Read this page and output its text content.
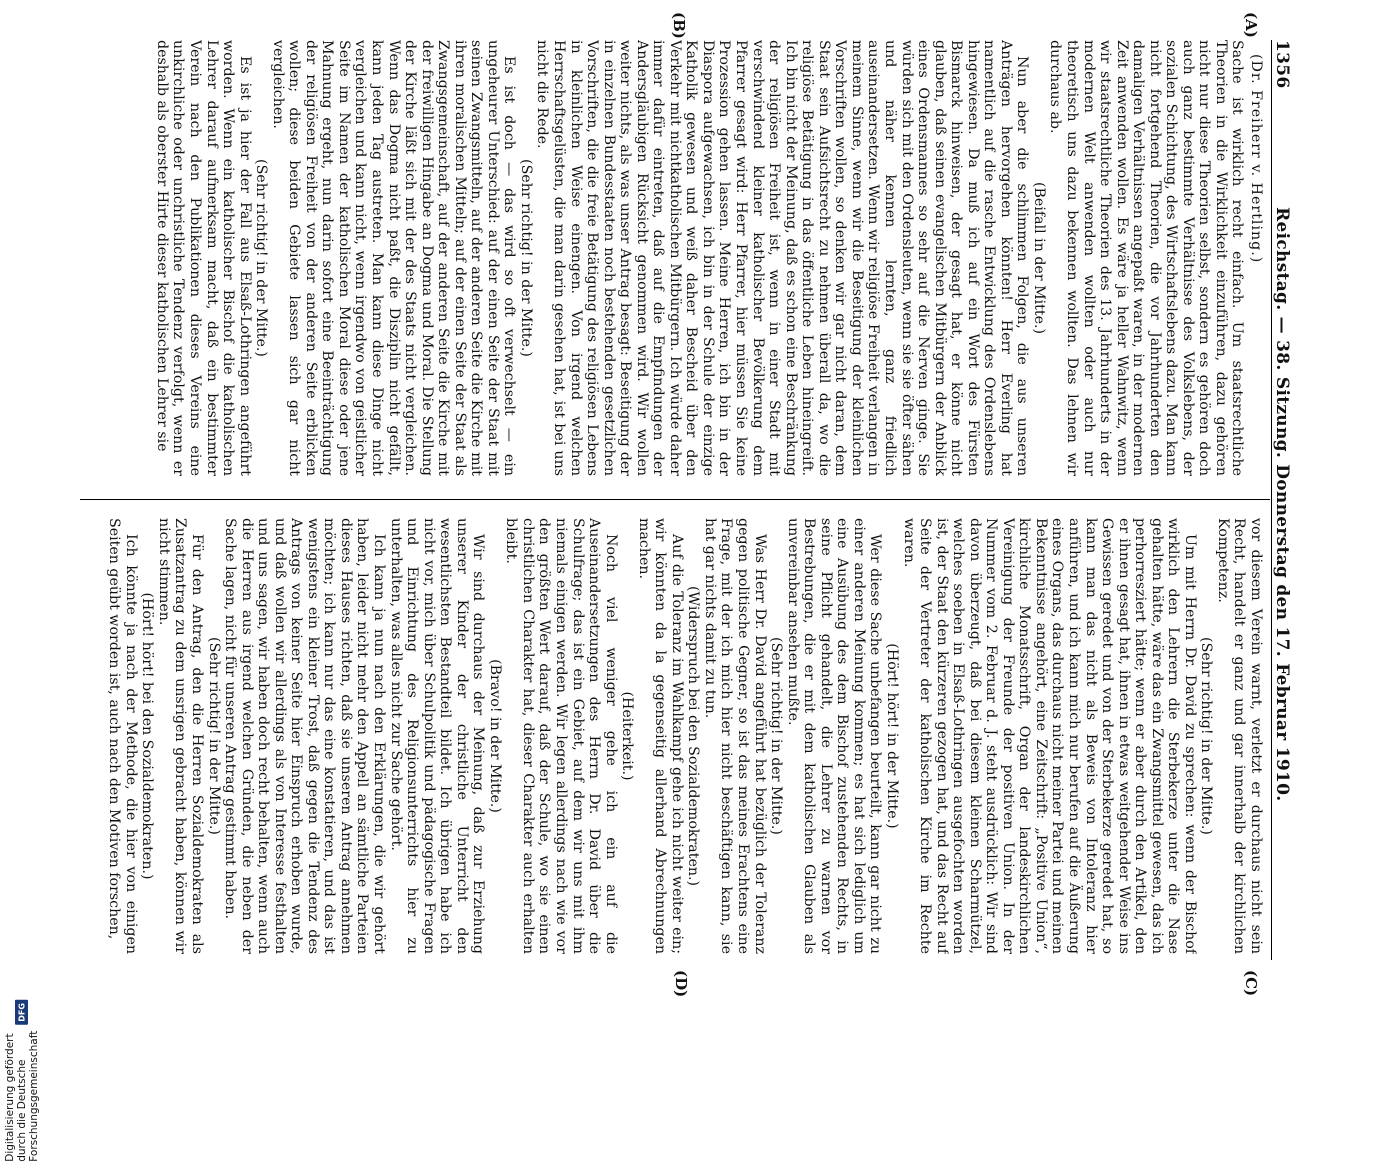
1356
Reichstag. — 38. Sitzung. Donnerstag den 17. Februar 1910.
(A)
(B)
(C)
(D)

(Dr. Freiherr v. Hertling.)

Sache ist wirklich recht einfach. Um staatsrechtliche Theorien in die Wirklichkeit einzuführen, dazu gehören nicht nur diese Theorien selbst, sondern es gehören doch auch ganz bestimmte Verhältnisse des Volkslebens, der sozialen Schichtung, des Wirtschaftslebens dazu. Man kann nicht fortgehend Theorien, die vor Jahrhunderten den damaligen Verhältnissen angepaßt waren, in der modernen Zeit anwenden wollen. Es wäre ja heller Wahnwitz, wenn wir staatsrechtliche Theorien des 13. Jahrhunderts in der modernen Welt anwenden wollten oder auch nur theoretisch uns dazu bekennen wollten. Das lehnen wir durchaus ab.

(Beifall in der Mitte.)

Nun aber die schlimmen Folgen, die aus unseren Anträgen hervorgehen könnten! Herr Everling hat namentlich auf die rasche Entwicklung des Ordenslebens hingewiesen. Da muß ich auf ein Wort des Fürsten Bismarck hinweisen, der gesagt hat, er könne nicht glauben, daß seinen evangelischen Mitbürgern der Anblick eines Ordensmannes so sehr auf die Nerven ginge. Sie würden sich mit den Ordensleuten, wenn sie sie öfter sähen und näher kennen lernten, ganz friedlich auseinandersetzen. Wenn wir religiöse Freiheit verlangen in meinem Sinne, wenn wir die Beseitigung der kleinlichen Vorschriften wollen, so denken wir gar nicht daran, dem Staat sein Aufsichtsrecht zu nehmen überall da, wo die religiöse Betätigung in das öffentliche Leben hineingreift. Ich bin nicht der Meinung, daß es schon eine Beschränkung der religiösen Freiheit ist, wenn in einer Stadt mit verschwindend kleiner katholischer Bevölkerung dem Pfarrer gesagt wird: Herr Pfarrer, hier müssen Sie keine Prozession gehen lassen. Meine Herren, ich bin in der Diaspora aufgewachsen, ich bin in der Schule der einzige Katholik gewesen und weiß daher Bescheid über den Verkehr mit nichtkatholischen Mitbürgern. Ich würde daher immer dafür eintreten, daß auf die Empfindungen der Andersgläubigen Rücksicht genommen wird. Wir wollen weiter nichts, als was unser Antrag besagt: Beseitigung der in einzelnen Bundesstaaten noch bestehenden gesetzlichen Vorschriften, die die freie Betätigung des religiösen Lebens in kleinlichen Weise einengen. Von irgend welchen Herrschaftsgelüsten, die man darin gesehen hat, ist bei uns nicht die Rede.

(Sehr richtig! in der Mitte.)

Es ist doch — das wird so oft verwechselt — ein ungeheurer Unterschied: auf der einen Seite der Staat mit seinen Zwangsmitteln, auf der anderen Seite die Kirche mit ihren moralischen Mitteln; auf der einen Seite der Staat als Zwangsgemeinschaft, auf der anderen Seite die Kirche mit der freiwilligen Hingabe an Dogma und Moral. Die Stellung der Kirche läßt sich mit der des Staats nicht vergleichen. Wenn das Dogma nicht paßt, die Disziplin nicht gefällt, kann jeden Tag austreten. Man kann diese Dinge nicht vergleichen und kann nicht, wenn irgendwo von geistlicher Seite im Namen der katholischen Moral diese oder jene Mahnung ergeht, nun darin sofort eine Beeinträchtigung der religiösen Freiheit von der anderen Seite erblicken wollen; diese beiden Gebiete lassen sich gar nicht vergleichen.

(Sehr richtig! in der Mitte.)

Es ist ja hier der Fall aus Elsaß-Lothringen angeführt worden. Wenn ein katholischer Bischof die katholischen Lehrer darauf aufmerksam macht, daß ein bestimmter Verein nach den Publikationen dieses Vereins eine unkirchliche oder unchristliche Tendenz verfolgt, wenn er deshalb als oberster Hirte dieser katholischen Lehrer sie

vor diesem Verein warnt, verletzt er durchaus nicht sein Recht, handelt er ganz und gar innerhalb der kirchlichen Kompetenz.

(Sehr richtig! in der Mitte.)

Um mit Herrn Dr. David zu sprechen: wenn der Bischof wirklich den Lehrern die Sterbekerze unter die Nase gehalten hätte, wäre das ein Zwangsmittel gewesen, das ich perhorresziert hätte; wenn er aber durch den Artikel, den er ihnen gesagt hat, ihnen in etwas weitgehender Weise ins Gewissen geredet und von der Sterbekerze geredet hat, so kann man das nicht als Beweis von Intoleranz hier anführen, und ich kann mich nur berufen auf die Äußerung eines Organs, das durchaus nicht meiner Partei und meinen Bekenntnisse angehört, eine Zeitschrift: „Positive Union“, kirchliche Monatsschrift, Organ der landeskirchlichen Vereinigung der Freunde der positiven Union. In der Nummer vom 2. Februar d. J. steht ausdrücklich: Wir sind davon überzeugt, daß bei diesem kleinen Scharmützel, welches soeben in Elsaß-Lothringen ausgefochten worden ist, der Staat den kürzeren gezogen hat, und das Recht auf Seite der Vertreter der katholischen Kirche im Rechte waren.

(Hört! hört! in der Mitte.)

Wer diese Sache unbefangen beurteilt, kann gar nicht zu einer anderen Meinung kommen; es hat sich lediglich um eine Ausübung des dem Bischof zustehenden Rechts, in seine Pflicht gehandelt, die Lehrer zu warnen vor Bestrebungen, die er mit dem katholischen Glauben als unvereinbar ansehen mußte.

(Sehr richtig! in der Mitte.)

Was Herr Dr. David angeführt hat bezüglich der Toleranz gegen politische Gegner, so ist das meines Erachtens eine Frage, mit der ich mich hier nicht beschäftigen kann, sie hat gar nichts damit zu tun.

(Widerspruch bei den Sozialdemokraten.)

Auf die Toleranz im Wahlkampf gehe ich nicht weiter ein; wir könnten da la gegenseitig allerhand Abrechnungen machen.

(Heiterkeit.)

Noch viel weniger gehe ich ein auf die Auseinandersetzungen des Herrn Dr. David über die Schulfrage; das ist ein Gebiet, auf dem wir uns mit ihm niemals einigen werden. Wir legen allerdings nach wie vor den größten Wert darauf, daß der Schule, wo sie einen christlichen Charakter hat, dieser Charakter auch erhalten bleibt.

(Bravo! in der Mitte.)

Wir sind durchaus der Meinung, daß zur Erziehung unserer Kinder der christliche Unterricht den wesentlichsten Bestandteil bildet. Ich übrigen habe ich nicht vor, mich über Schulpolitik und pädagogische Fragen und Einrichtung des Religionsunterrichts hier zu unterhalten, was alles nicht zur Sache gehört.

Ich kann ja nun nach den Erklärungen, die wir gehört haben, leider nicht mehr den Appell an sämtliche Parteien dieses Hauses richten, daß sie unseren Antrag annehmen möchten; ich kann nur das eine konstatieren, und das ist wenigstens ein kleiner Trost, daß gegen die Tendenz des Antrags von keiner Seite hier Einspruch erhoben wurde, und daß wollen wir allerdings als von Interesse festhalten und uns sagen, wir haben doch recht behalten, wenn auch die Herren aus irgend welchen Gründen, die neben der Sache lagen, nicht für unseren Antrag gestimmt haben.

(Sehr richtig! in der Mitte.)

Für den Antrag, den die Herren Sozialdemokraten als Zusatzantrag zu dem unsrigen gebracht haben, können wir nicht stimmen.

(Hört! hört! bei den Sozialdemokraten.)

Ich könnte ja nach der Methode, die hier von einigen Seiten geübt worden ist, auch nach den Motiven forschen,

Digitalisierung gefördert durch die Deutsche Forschungsgemeinschaft
DFG
